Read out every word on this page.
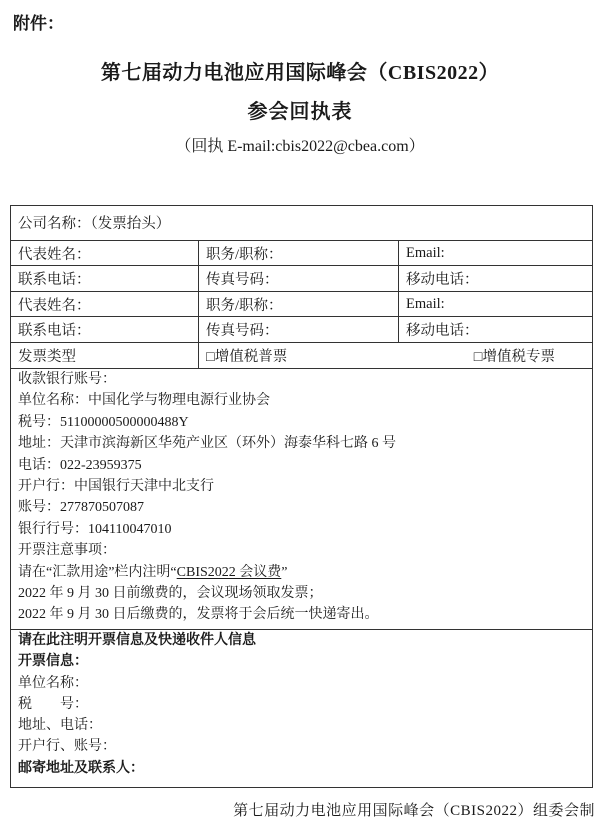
附件：
第七届动力电池应用国际峰会（CBIS2022）
参会回执表
（回执 E-mail:cbis2022@cbea.com）
公司名称：（发票抬头）		
代表姓名：	职务/职称：	Email:
联系电话：	传真号码：	移动电话：
代表姓名：	职务/职称：	Email:
联系电话：	传真号码：	移动电话：
发票类型	□增值税普票 □增值税专票	

收款银行账号：
单位名称：中国化学与物理电源行业协会
税号：51100000500000488Y
地址：天津市滨海新区华苑产业区（环外）海泰华科七路 6 号
电话：022-23959375
开户行：中国银行天津中北支行
账号：277870507087
银行行号：104110047010
开票注意事项：
请在“汇款用途”栏内注明“CBIS2022 会议费”
2022 年 9 月 30 日前缴费的，会议现场领取发票；
2022 年 9 月 30 日后缴费的，发票将于会后统一快递寄出。

请在此注明开票信息及快递收件人信息
开票信息：
单位名称：
税　　号：
地址、电话：
开户行、账号：
邮寄地址及联系人：
第七届动力电池应用国际峰会（CBIS2022）组委会制
